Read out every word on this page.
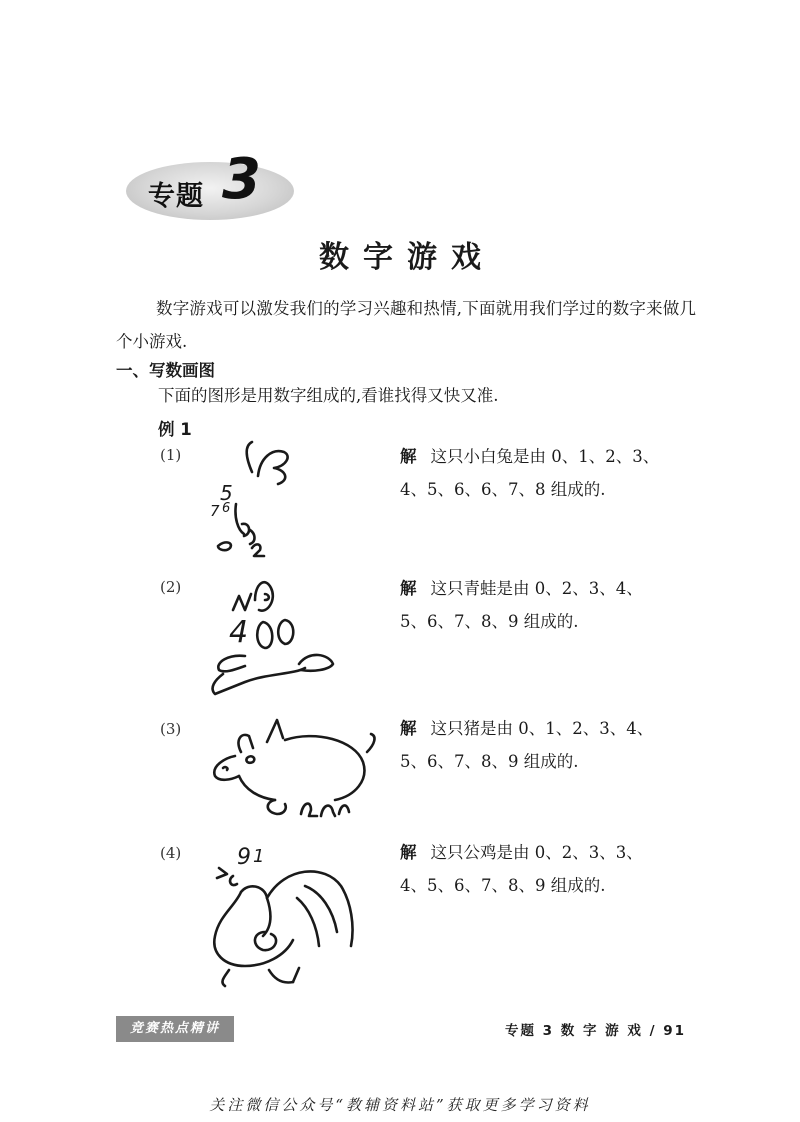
专题 3
数字游戏
数字游戏可以激发我们的学习兴趣和热情,下面就用我们学过的数字来做几个小游戏.
一、写数画图
下面的图形是用数字组成的,看谁找得又快又准.
例 1
(1)
5
7 6
解 这只小白兔是由 0、1、2、3、
4、5、6、6、7、8 组成的.
(2)
4
解 这只青蛙是由 0、2、3、4、
5、6、7、8、9 组成的.
(3)	解 这只猪是由 0、1、2、3、4、
5、6、7、8、9 组成的.
(4)	9 1	解 这只公鸡是由 0、2、3、3、
4、5、6、7、8、9 组成的.
竞赛热点精讲	专题 3 数 字 游 戏 / 91
关注微信公众号“教辅资料站”获取更多学习资料
